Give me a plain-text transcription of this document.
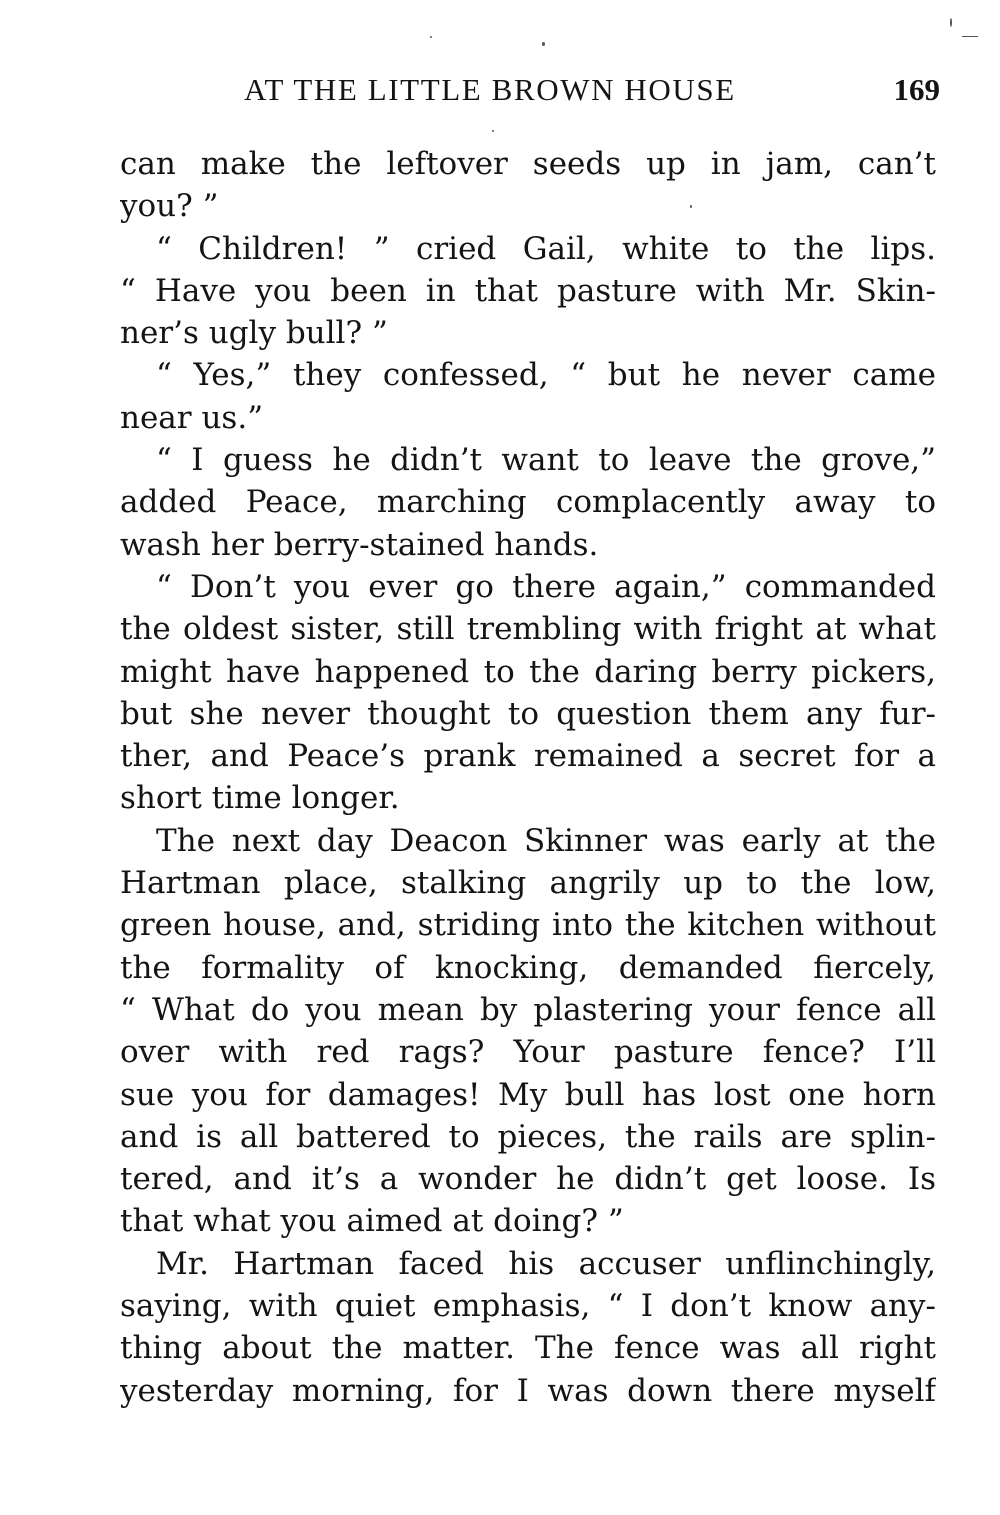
AT THE LITTLE BROWN HOUSE	169
can make the leftover seeds up in jam, can’t
you? ”
“ Children! ” cried Gail, white to the lips.
“ Have you been in that pasture with Mr. Skin-
ner’s ugly bull? ”
“ Yes,” they confessed, “ but he never came
near us.”
“ I guess he didn’t want to leave the grove,”
added Peace, marching complacently away to
wash her berry-stained hands.
“ Don’t you ever go there again,” commanded
the oldest sister, still trembling with fright at what
might have happened to the daring berry pickers,
but she never thought to question them any fur-
ther, and Peace’s prank remained a secret for a
short time longer.
The next day Deacon Skinner was early at the
Hartman place, stalking angrily up to the low,
green house, and, striding into the kitchen without
the formality of knocking, demanded fiercely,
“ What do you mean by plastering your fence all
over with red rags? Your pasture fence? I’ll
sue you for damages! My bull has lost one horn
and is all battered to pieces, the rails are splin-
tered, and it’s a wonder he didn’t get loose. Is
that what you aimed at doing? ”
Mr. Hartman faced his accuser unflinchingly,
saying, with quiet emphasis, “ I don’t know any-
thing about the matter. The fence was all right
yesterday morning, for I was down there myself
